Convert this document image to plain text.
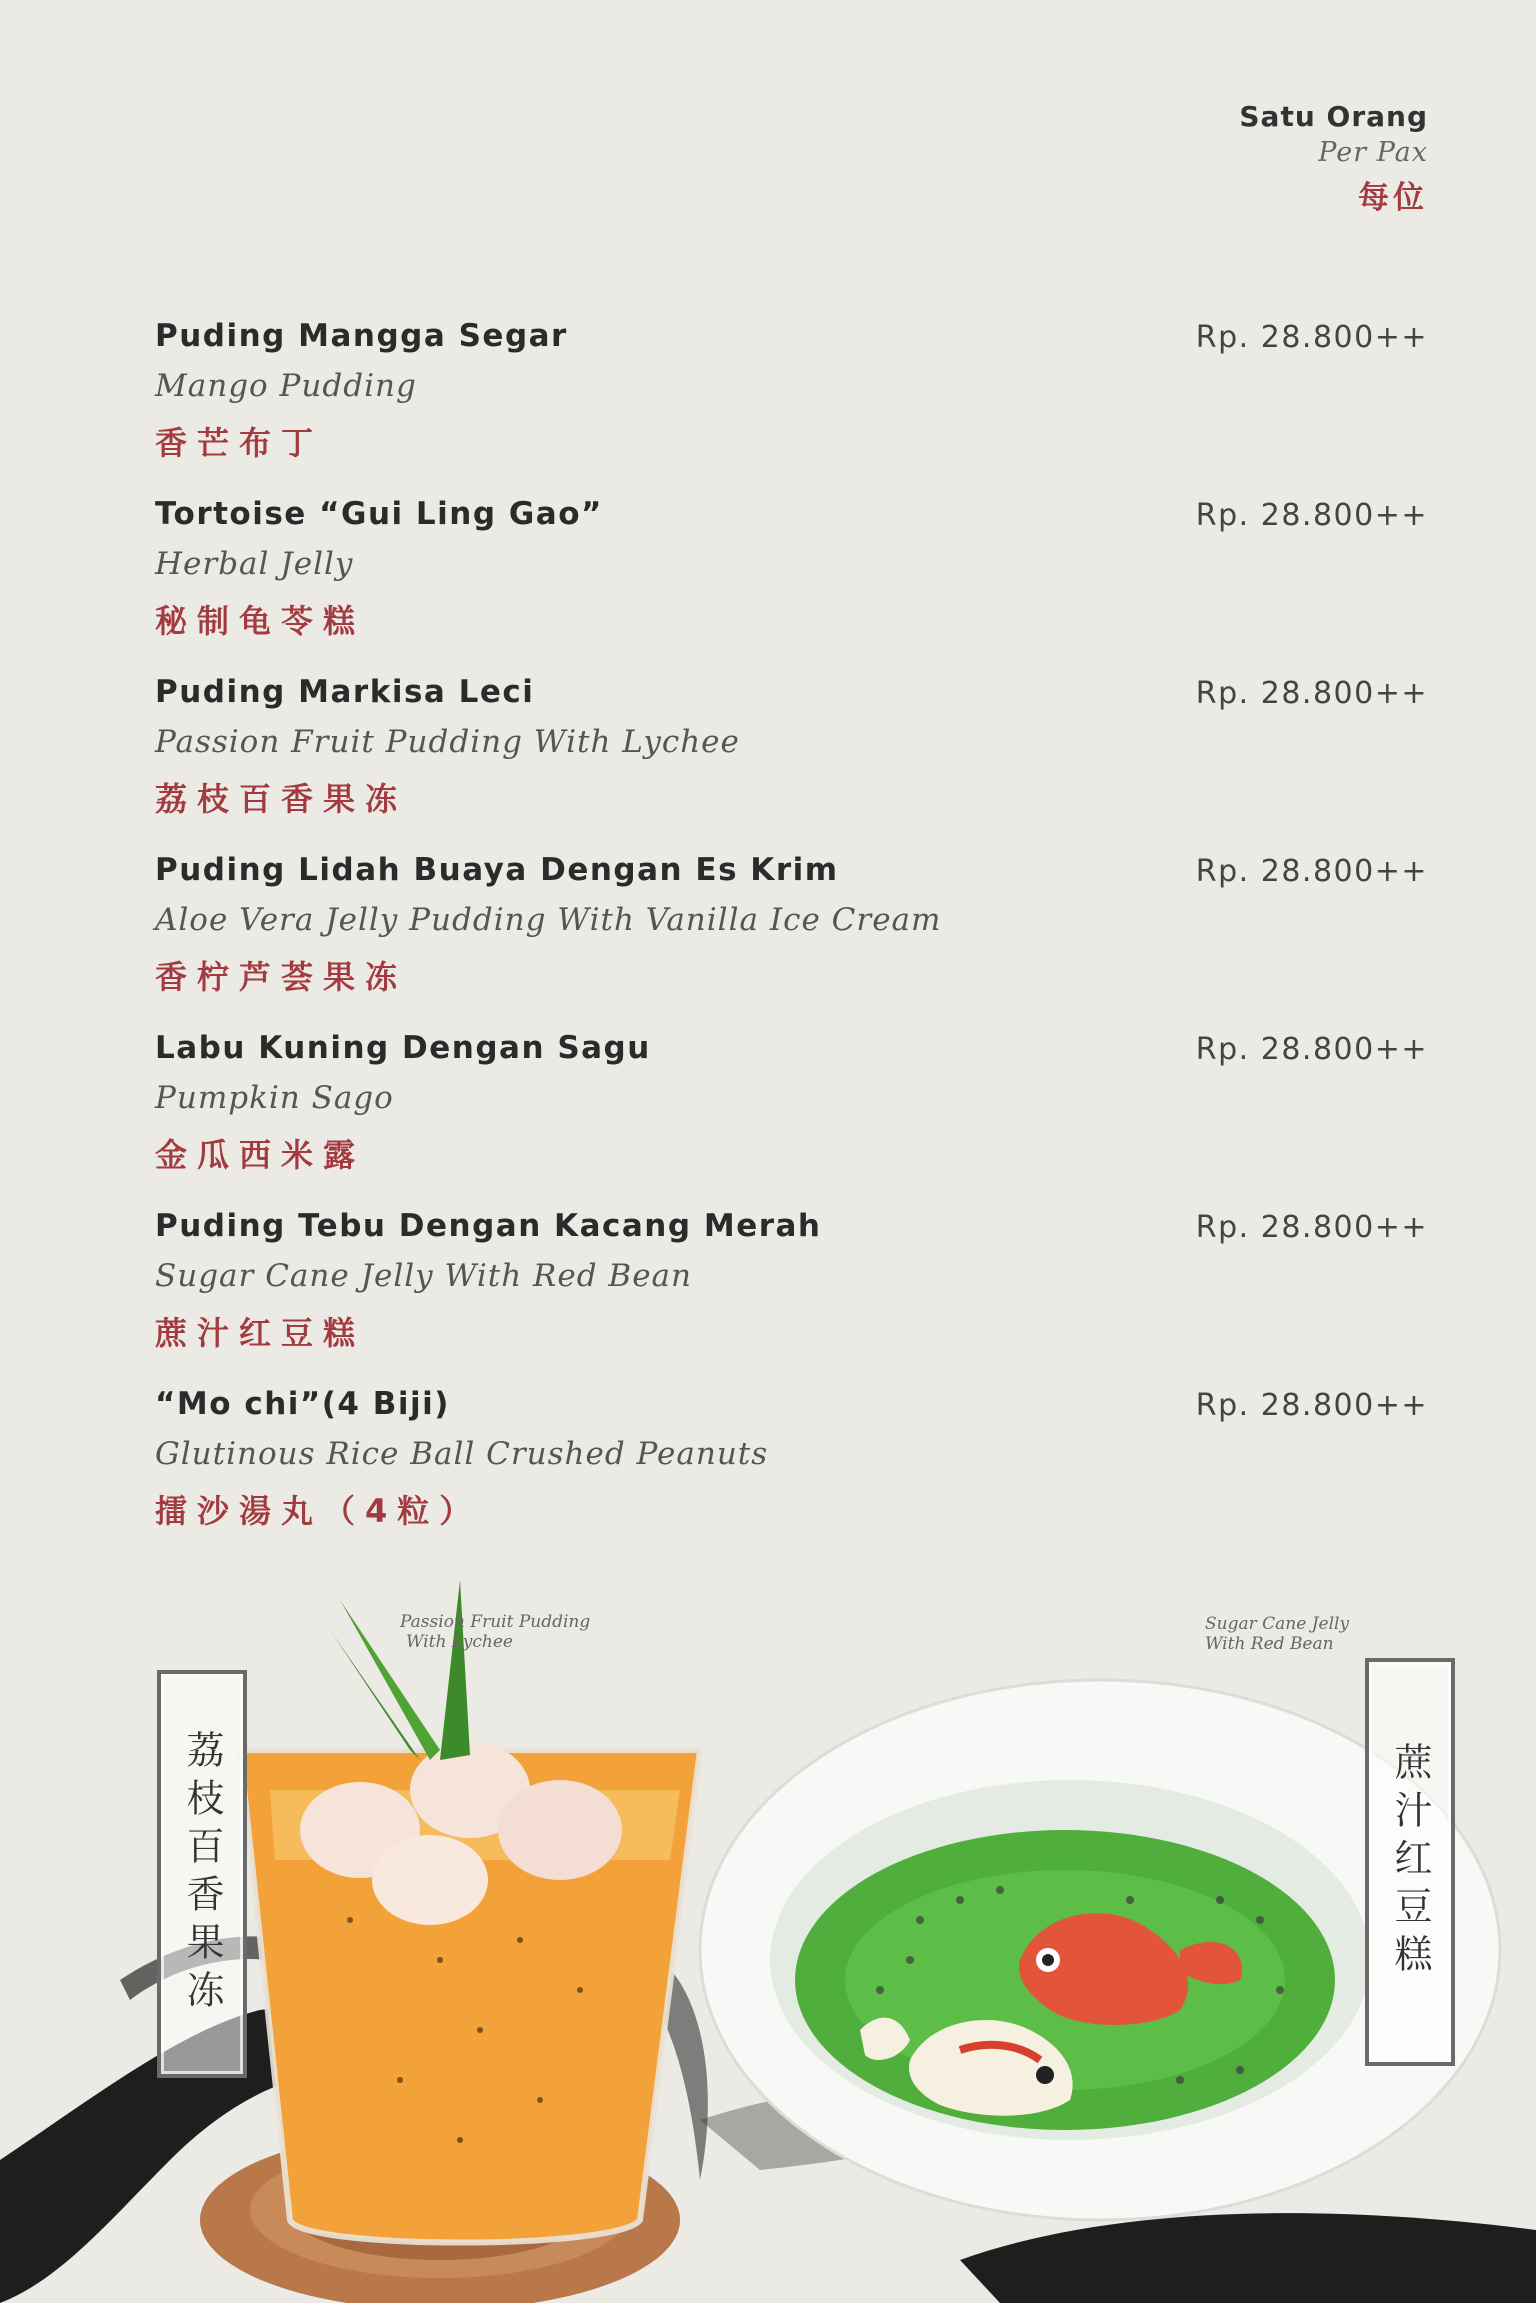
Satu Orang
Per Pax
每位
Puding Mangga Segar
Mango Pudding
香芒布丁
Rp. 28.800++
Tortoise “Gui Ling Gao”
Herbal Jelly
秘制龟苓糕
Rp. 28.800++
Puding Markisa Leci
Passion Fruit Pudding With Lychee
荔枝百香果冻
Rp. 28.800++
Puding Lidah Buaya Dengan Es Krim
Aloe Vera Jelly Pudding With Vanilla Ice Cream
香柠芦荟果冻
Rp. 28.800++
Labu Kuning Dengan Sagu
Pumpkin Sago
金瓜西米露
Rp. 28.800++
Puding Tebu Dengan Kacang Merah
Sugar Cane Jelly With Red Bean
蔗汁红豆糕
Rp. 28.800++
“Mo chi”(4 Biji)
Glutinous Rice Ball Crushed Peanuts
擂沙湯丸（4粒）
Rp. 28.800++
Passion Fruit Pudding
With Lychee
Sugar Cane Jelly
With Red Bean
荔枝百香果冻	蔗汁红豆糕
